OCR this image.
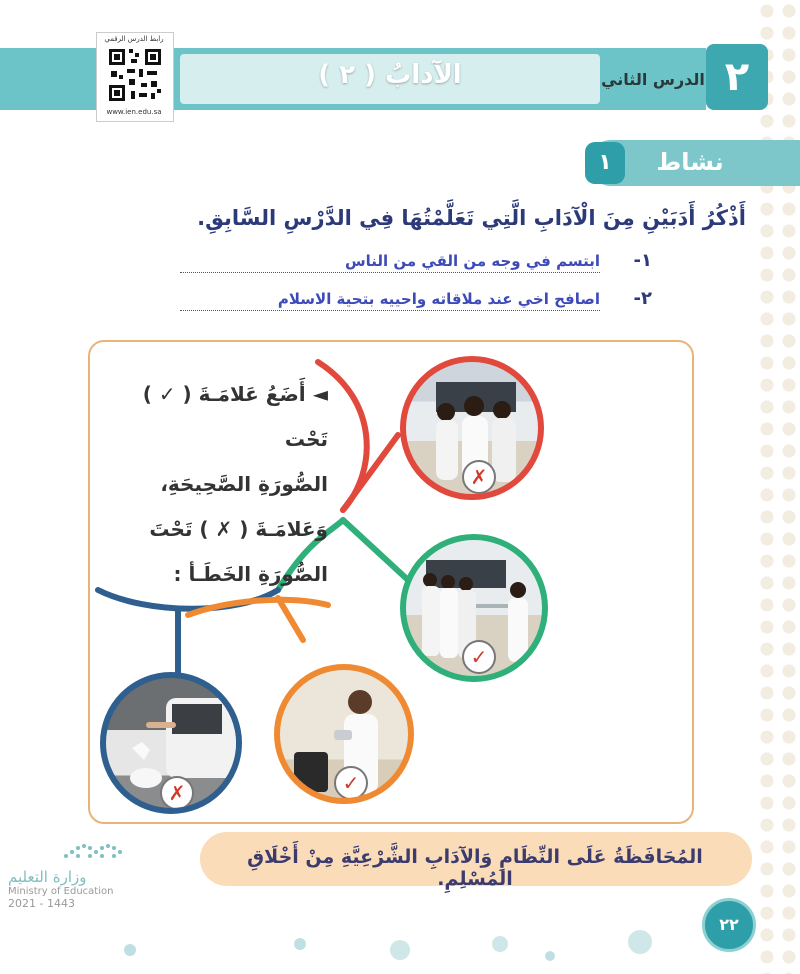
الآدابُ ( ٢ )	الدرس الثاني ٢
رابط الدرس الرقمي
www.ien.edu.sa
نشاط
١
أَذْكُرُ أَدَبَيْنِ مِنَ الْآدَابِ الَّتِي تَعَلَّمْتُهَا فِي الدَّرْسِ السَّابِقِ.
١-
ابتسم في وجه من القي من الناس
٢-
اصافح اخي عند ملاقاته واحييه بتحية الاسلام
◄ أَضَعُ عَلامَـةَ ( ✓ ) تَحْت
الصُّورَةِ الصَّحِيحَةِ،
وَعَلامَـةَ ( ✗ ) تَحْتَ
الصُّورَةِ الخَطَـأ :
✗
✓
✓
✗
المُحَافَظَةُ عَلَى النِّظَامِ وَالآدَابِ الشَّرْعِيَّةِ مِنْ أَخْلَاقِ المُسْلِمِ.
وزارة التعليم
Ministry of Education
2021 - 1443
٢٢
